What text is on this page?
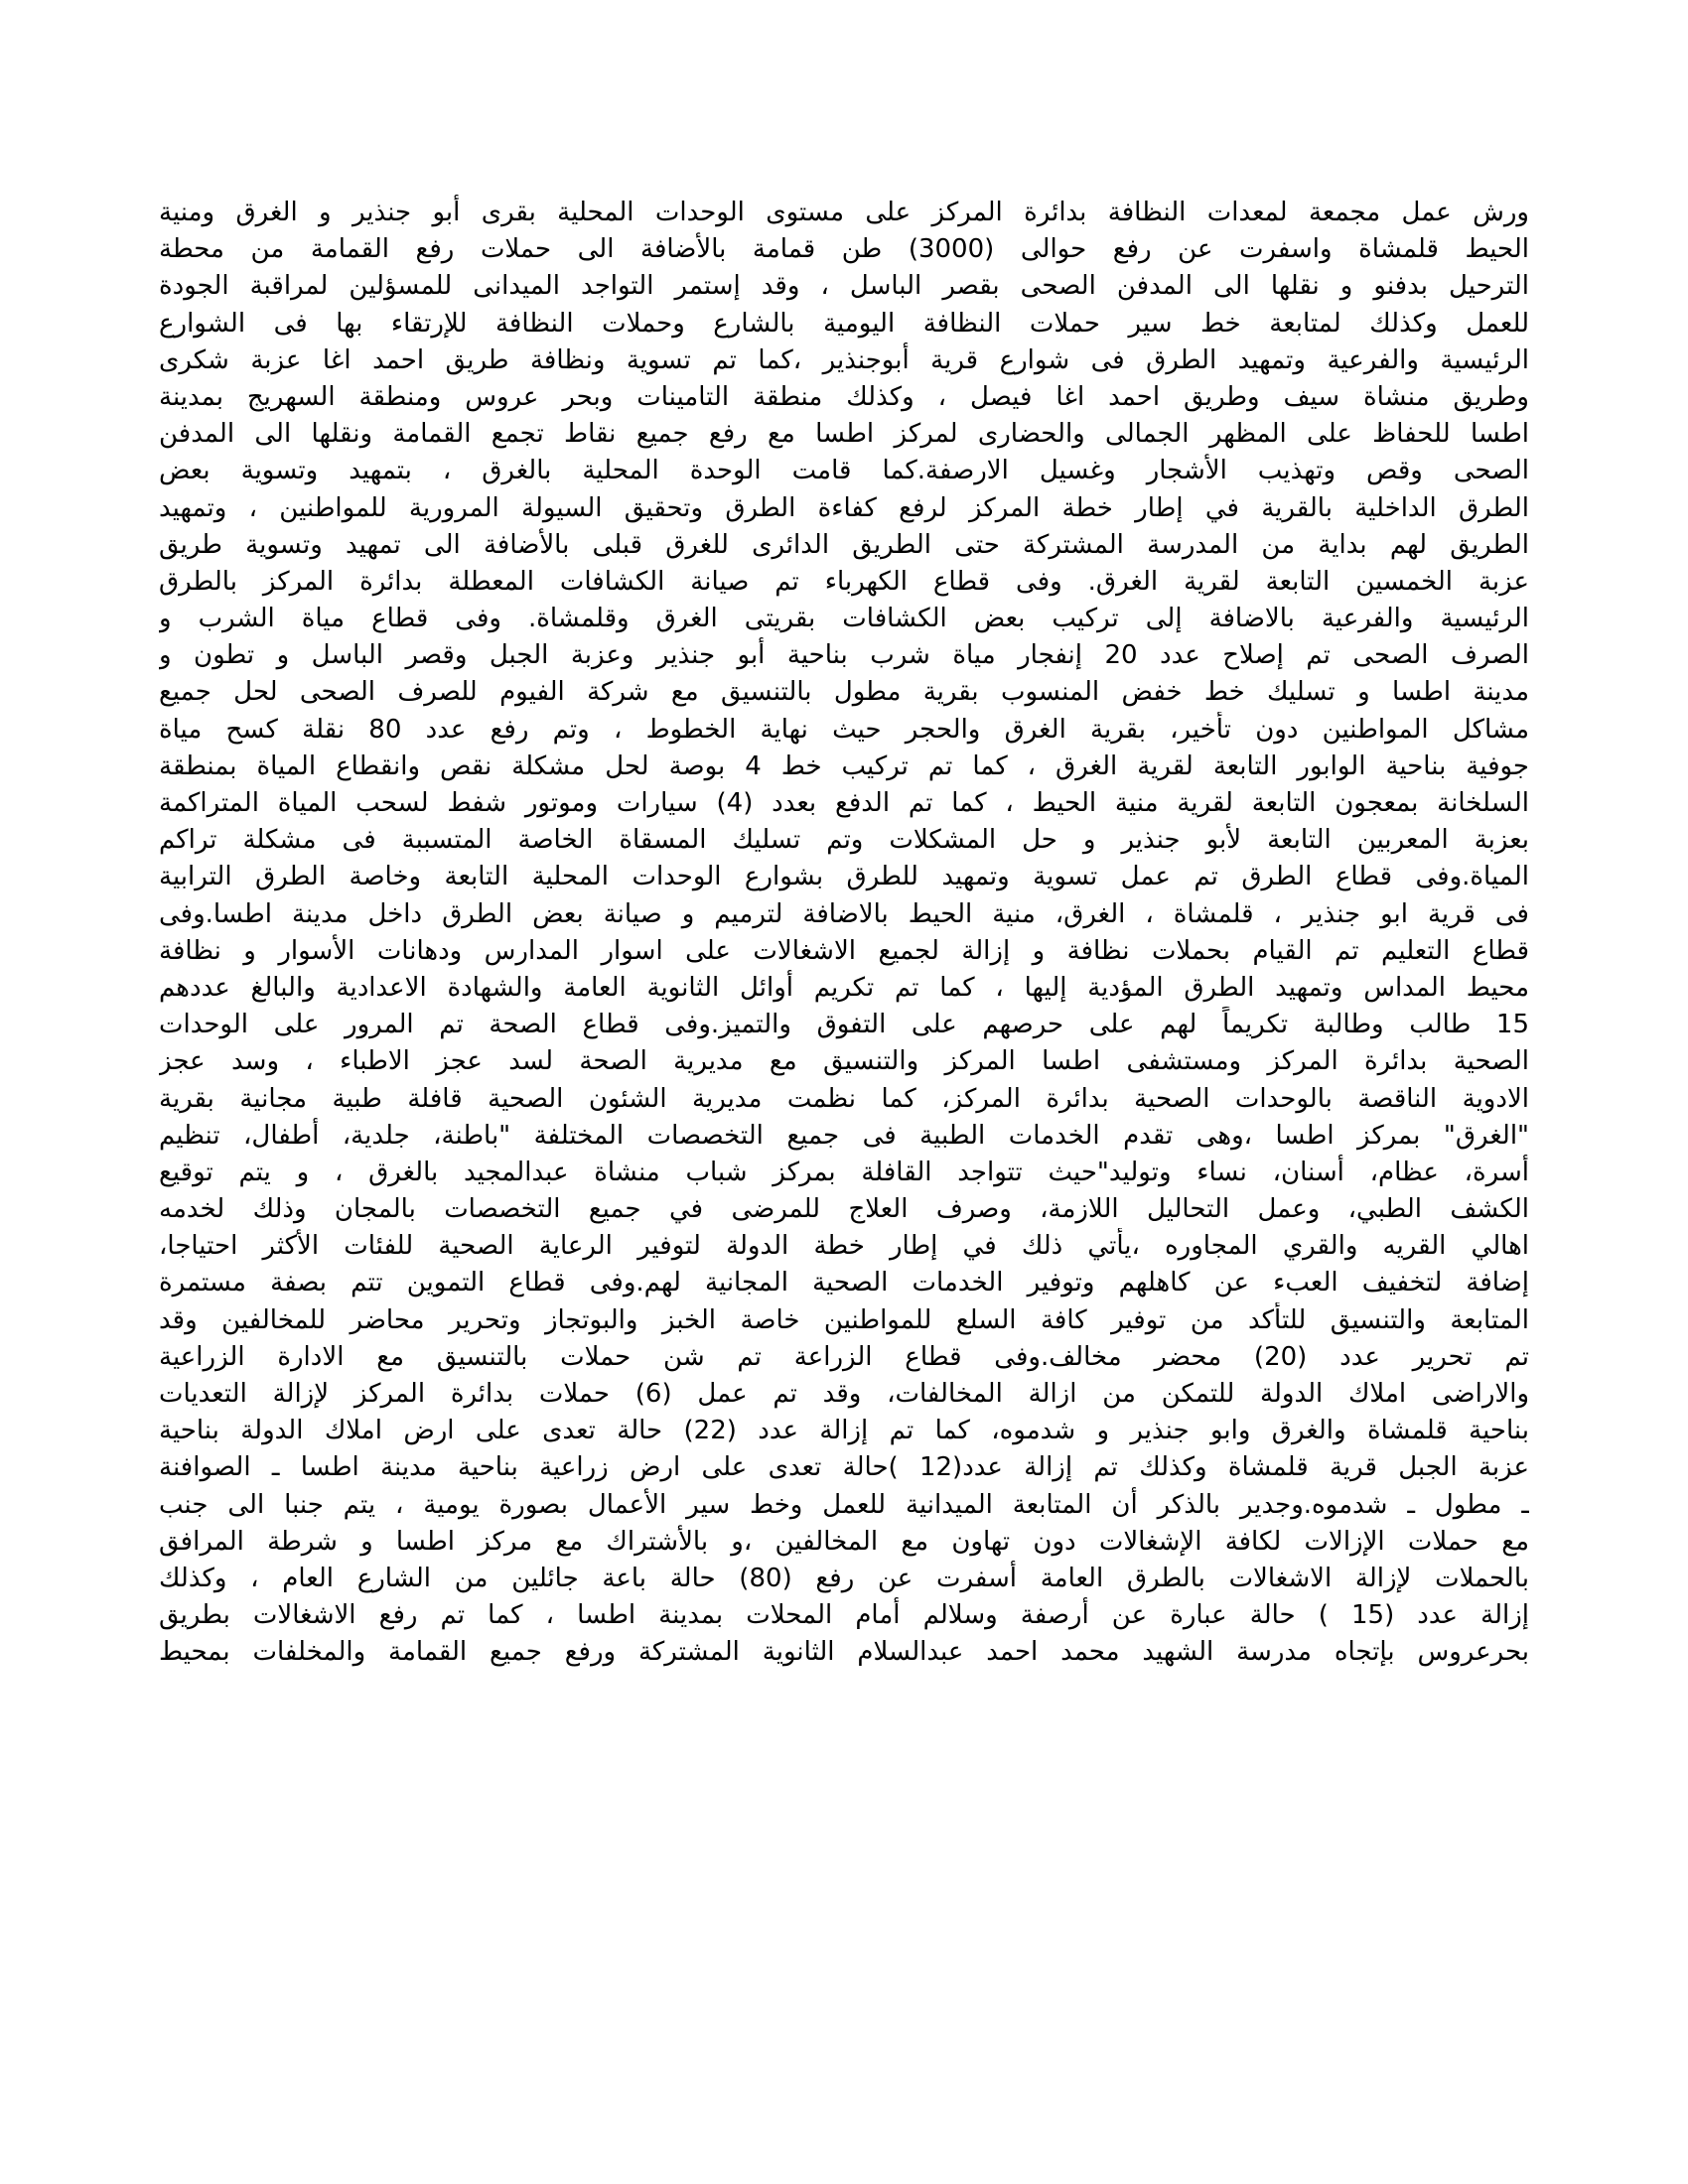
ورش عمل مجمعة لمعدات النظافة بدائرة المركز على مستوى الوحدات المحلية بقرى أبو جنذير و الغرق ومنية
الحيط قلمشاة واسفرت عن رفع حوالى (3000) طن قمامة بالأضافة الى حملات رفع القمامة من محطة
الترحيل بدفنو و نقلها الى المدفن الصحى بقصر الباسل ، وقد إستمر التواجد الميدانى للمسؤلين لمراقبة الجودة
للعمل وكذلك لمتابعة خط سير حملات النظافة اليومية بالشارع وحملات النظافة للإرتقاء بها فى الشوارع
الرئيسية والفرعية وتمهيد الطرق فى شوارع قرية أبوجنذير ،كما تم تسوية ونظافة طريق احمد اغا عزبة شكرى
وطريق منشاة سيف وطريق احمد اغا فيصل ، وكذلك منطقة التامينات وبحر عروس ومنطقة السهريج بمدينة
اطسا للحفاظ على المظهر الجمالى والحضارى لمركز اطسا مع رفع جميع نقاط تجمع القمامة ونقلها الى المدفن
الصحى وقص وتهذيب الأشجار وغسيل الارصفة.كما قامت الوحدة المحلية بالغرق ، بتمهيد وتسوية بعض
الطرق الداخلية بالقرية في إطار خطة المركز لرفع كفاءة الطرق وتحقيق السيولة المرورية للمواطنين ، وتمهيد
الطريق لهم بداية من المدرسة المشتركة حتى الطريق الدائرى للغرق قبلى بالأضافة الى تمهيد وتسوية طريق
عزبة الخمسين التابعة لقرية الغرق. وفى قطاع الكهرباء تم صيانة الكشافات المعطلة بدائرة المركز بالطرق
الرئيسية والفرعية بالاضافة إلى تركيب بعض الكشافات بقريتى الغرق وقلمشاة. وفى قطاع مياة الشرب و
الصرف الصحى تم إصلاح عدد 20 إنفجار مياة شرب بناحية أبو جنذير وعزبة الجبل وقصر الباسل و تطون و
مدينة اطسا و تسليك خط خفض المنسوب بقرية مطول بالتنسيق مع شركة الفيوم للصرف الصحى لحل جميع
مشاكل المواطنين دون تأخير، بقرية الغرق والحجر حيث نهاية الخطوط ، وتم رفع عدد 80 نقلة كسح مياة
جوفية بناحية الوابور التابعة لقرية الغرق ، كما تم تركيب خط 4 بوصة لحل مشكلة نقص وانقطاع المياة بمنطقة
السلخانة بمعجون التابعة لقرية منية الحيط ، كما تم الدفع بعدد (4) سيارات وموتور شفط لسحب المياة المتراكمة
بعزبة المعربين التابعة لأبو جنذير و حل المشكلات وتم تسليك المسقاة الخاصة المتسببة فى مشكلة تراكم
المياة.وفى قطاع الطرق تم عمل تسوية وتمهيد للطرق بشوارع الوحدات المحلية التابعة وخاصة الطرق الترابية
فى قرية ابو جنذير ، قلمشاة ، الغرق، منية الحيط بالاضافة لترميم و صيانة بعض الطرق داخل مدينة اطسا.وفى
قطاع التعليم تم القيام بحملات نظافة و إزالة لجميع الاشغالات على اسوار المدارس ودهانات الأسوار و نظافة
محيط المداس وتمهيد الطرق المؤدية إليها ، كما تم تكريم أوائل الثانوية العامة والشهادة الاعدادية والبالغ عددهم
15 طالب وطالبة تكريماً لهم على حرصهم على التفوق والتميز.وفى قطاع الصحة تم المرور على الوحدات
الصحية بدائرة المركز ومستشفى اطسا المركز والتنسيق مع مديرية الصحة لسد عجز الاطباء ، وسد عجز
الادوية الناقصة بالوحدات الصحية بدائرة المركز، كما نظمت مديرية الشئون الصحية قافلة طبية مجانية بقرية
"الغرق" بمركز اطسا ،وهى تقدم الخدمات الطبية فى جميع التخصصات المختلفة "باطنة، جلدية، أطفال، تنظيم
أسرة، عظام، أسنان، نساء وتوليد"حيث تتواجد القافلة بمركز شباب منشاة عبدالمجيد بالغرق ، و يتم توقيع
الكشف الطبي، وعمل التحاليل اللازمة، وصرف العلاج للمرضى في جميع التخصصات بالمجان وذلك لخدمه
اهالي القريه والقري المجاوره ،يأتي ذلك في إطار خطة الدولة لتوفير الرعاية الصحية للفئات الأكثر احتياجا،
إضافة لتخفيف العبء عن كاهلهم وتوفير الخدمات الصحية المجانية لهم.وفى قطاع التموين تتم بصفة مستمرة
المتابعة والتنسيق للتأكد من توفير كافة السلع للمواطنين خاصة الخبز والبوتجاز وتحرير محاضر للمخالفين وقد
تم تحرير عدد (20) محضر مخالف.وفى قطاع الزراعة تم شن حملات بالتنسيق مع الادارة الزراعية
والاراضى املاك الدولة للتمكن من ازالة المخالفات، وقد تم عمل (6) حملات بدائرة المركز لإزالة التعديات
بناحية قلمشاة والغرق وابو جنذير و شدموه، كما تم إزالة عدد (22) حالة تعدى على ارض املاك الدولة بناحية
عزبة الجبل قرية قلمشاة وكذلك تم إزالة عدد(12 )حالة تعدى على ارض زراعية بناحية مدينة اطسا ـ الصوافنة
ـ مطول ـ شدموه.وجدير بالذكر أن المتابعة الميدانية للعمل وخط سير الأعمال بصورة يومية ، يتم جنبا الى جنب
مع حملات الإزالات لكافة الإشغالات دون تهاون مع المخالفين ،و بالأشتراك مع مركز اطسا و شرطة المرافق
بالحملات لإزالة الاشغالات بالطرق العامة أسفرت عن رفع (80) حالة باعة جائلين من الشارع العام ، وكذلك
إزالة عدد (15 ) حالة عبارة عن أرصفة وسلالم أمام المحلات بمدينة اطسا ، كما تم رفع الاشغالات بطريق
بحرعروس بإتجاه مدرسة الشهيد محمد احمد عبدالسلام الثانوية المشتركة ورفع جميع القمامة والمخلفات بمحيط
